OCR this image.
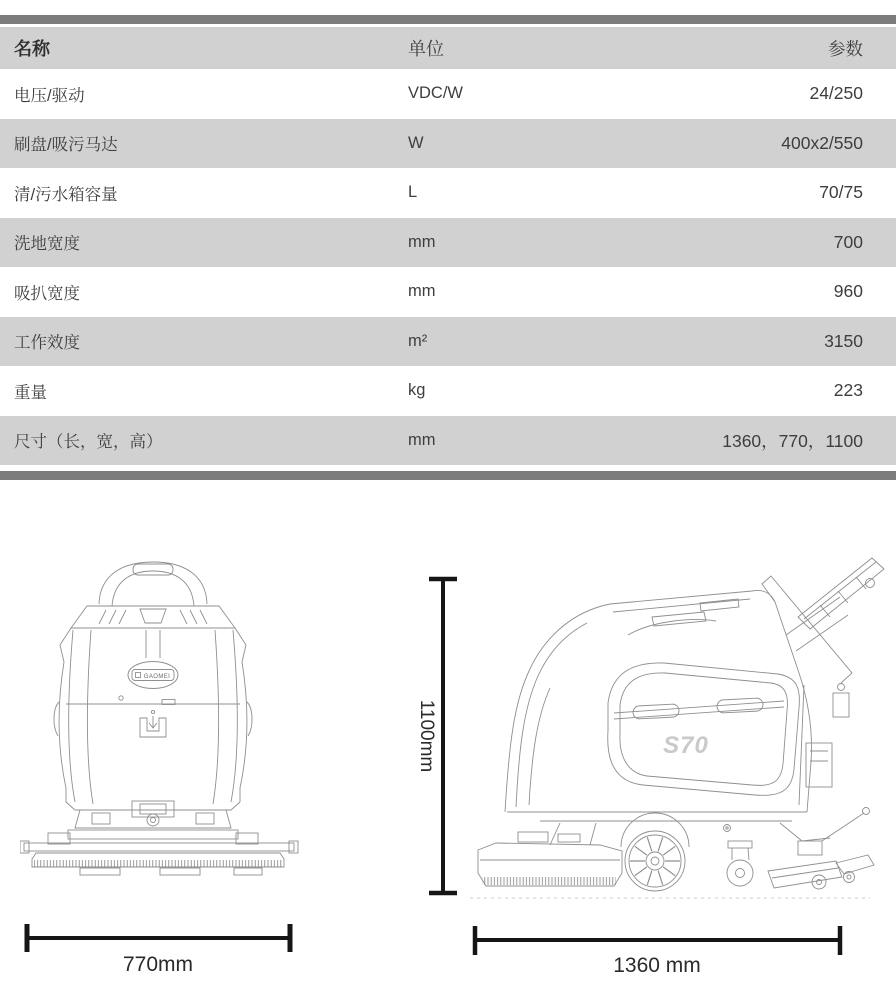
名称	单位	参数
电压/驱动	VDC/W	24/250
刷盘/吸污马达	W	400x2/550
清/污水箱容量	L	70/75
洗地宽度	mm	700
吸扒宽度	mm	960
工作效度	m²	3150
重量	kg	223
尺寸（长，宽，高）	mm	1360，770，1100
GAOMEI
770mm
S70
1100mm
1360 mm
